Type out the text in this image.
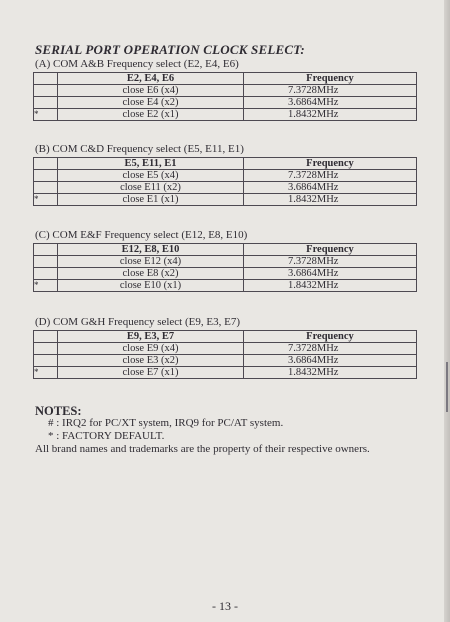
SERIAL PORT OPERATION CLOCK SELECT:
(A) COM A&B Frequency select (E2, E4, E6)
	E2, E4, E6	Frequency
	close E6 (x4)	7.3728MHz
	close E4 (x2)	3.6864MHz
*	close E2 (x1)	1.8432MHz
(B) COM C&D Frequency select (E5, E11, E1)
	E5, E11, E1	Frequency
	close E5 (x4)	7.3728MHz
	close E11 (x2)	3.6864MHz
*	close E1 (x1)	1.8432MHz
(C) COM E&F Frequency select (E12, E8, E10)
	E12, E8, E10	Frequency
	close E12 (x4)	7.3728MHz
	close E8 (x2)	3.6864MHz
*	close E10 (x1)	1.8432MHz
(D) COM G&H Frequency select (E9, E3, E7)
	E9, E3, E7	Frequency
	close E9 (x4)	7.3728MHz
	close E3 (x2)	3.6864MHz
*	close E7 (x1)	1.8432MHz
NOTES:
# : IRQ2 for PC/XT system, IRQ9 for PC/AT system.
* : FACTORY DEFAULT.
All brand names and trademarks are the property of their respective owners.
- 13 -
